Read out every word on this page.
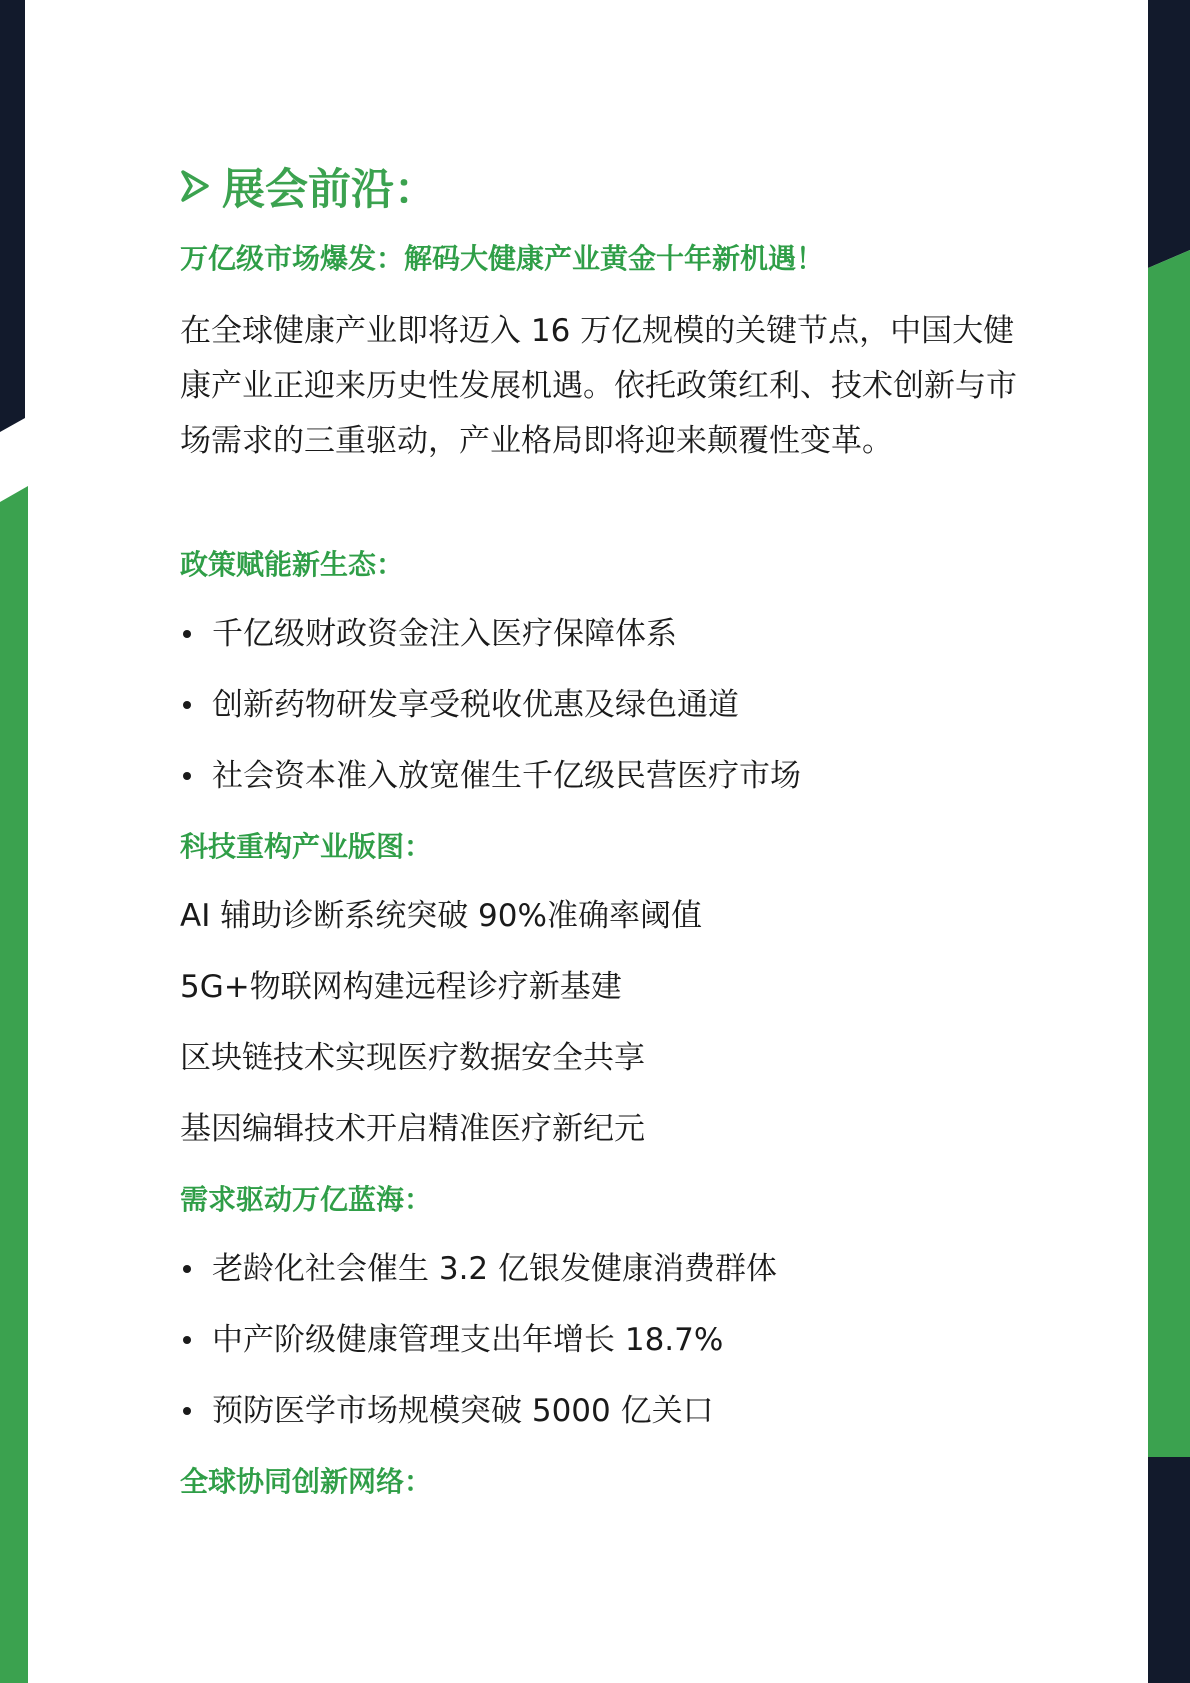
展会前沿：
万亿级市场爆发：解码大健康产业黄金十年新机遇！

在全球健康产业即将迈入 16 万亿规模的关键节点，中国大健康产业正迎来历史性发展机遇。依托政策红利、技术创新与市场需求的三重驱动，产业格局即将迎来颠覆性变革。

政策赋能新生态：
千亿级财政资金注入医疗保障体系
创新药物研发享受税收优惠及绿色通道
社会资本准入放宽催生千亿级民营医疗市场
科技重构产业版图：
AI 辅助诊断系统突破 90%准确率阈值
5G+物联网构建远程诊疗新基建
区块链技术实现医疗数据安全共享
基因编辑技术开启精准医疗新纪元
需求驱动万亿蓝海：
老龄化社会催生 3.2 亿银发健康消费群体
中产阶级健康管理支出年增长 18.7%
预防医学市场规模突破 5000 亿关口
全球协同创新网络：
